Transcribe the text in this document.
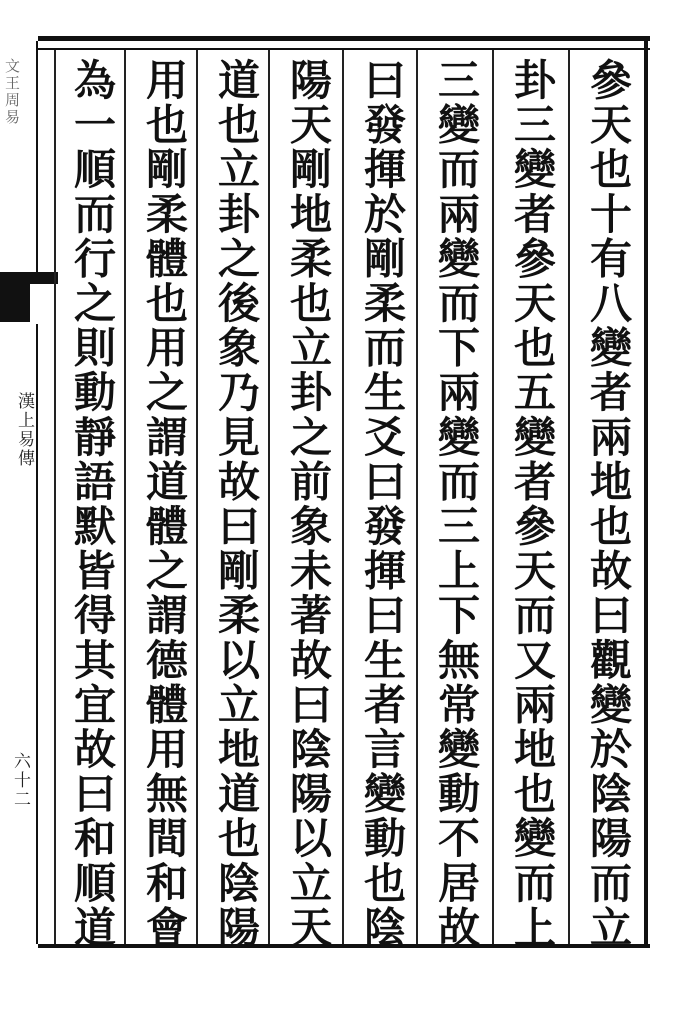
文王周易
漢上易傳
六十二	參天也十有八變者兩地也故曰觀變於陰陽而立
卦三變者參天也五變者參天而又兩地也變而上
三變而兩變而下兩變而三上下無常變動不居故
曰發揮於剛柔而生爻曰發揮曰生者言變動也陰
陽天剛地柔也立卦之前象未著故曰陰陽以立天
道也立卦之後象乃見故曰剛柔以立地道也陰陽
用也剛柔體也用之謂道體之謂德體用無間和會
為一順而行之則動靜語默皆得其宜故曰和順道
